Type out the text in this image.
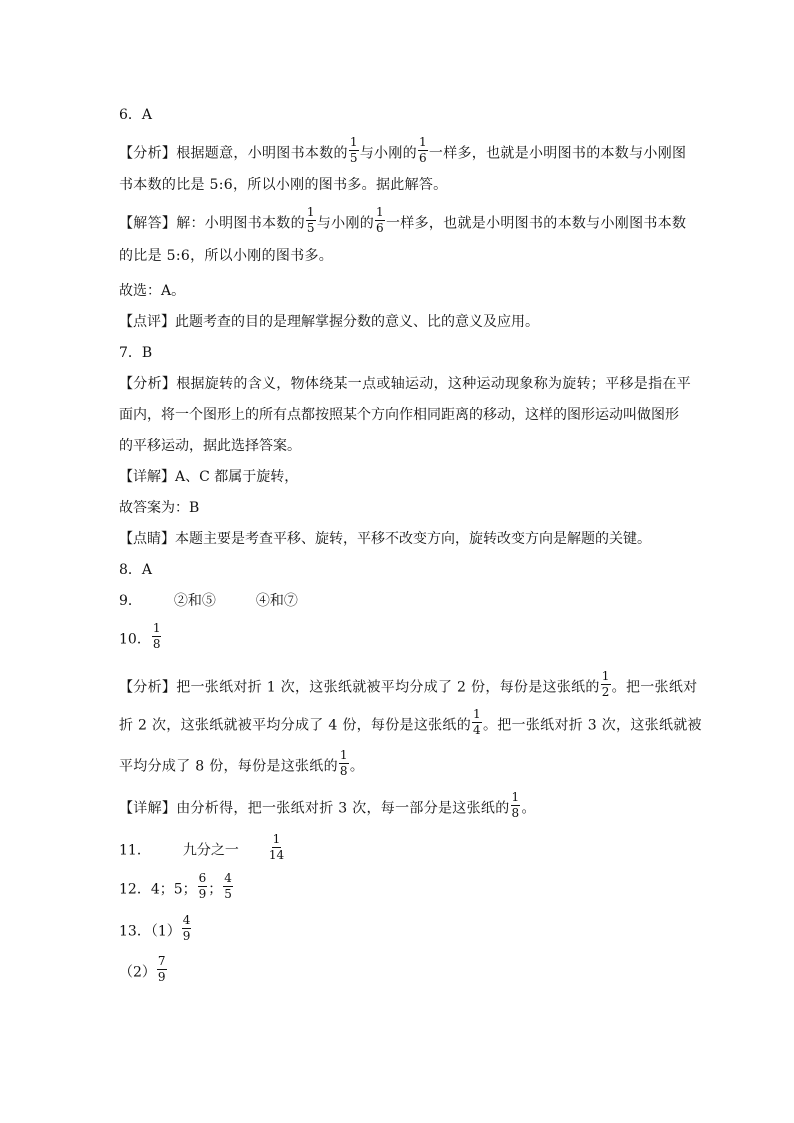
6．A
【分析】根据题意，小明图书本数的 $\frac{1}{5}$ 与小刚的 $\frac{1}{6}$ 一样多，也就是小明图书的本数与小刚图
书本数的比是 5:6，所以小刚的图书多。据此解答。
【解答】解：小明图书本数的 $\frac{1}{5}$ 与小刚的 $\frac{1}{6}$ 一样多，也就是小明图书的本数与小刚图书本数
的比是 5:6，所以小刚的图书多。
故选：A。
【点评】此题考查的目的是理解掌握分数的意义、比的意义及应用。
7．B
【分析】根据旋转的含义，物体绕某一点或轴运动，这种运动现象称为旋转；平移是指在平
面内，将一个图形上的所有点都按照某个方向作相同距离的移动，这样的图形运动叫做图形
的平移运动，据此选择答案。
【详解】A、C 都属于旋转，
故答案为：B
【点睛】本题主要是考查平移、旋转，平移不改变方向，旋转改变方向是解题的关键。
8．A
9． ②和⑤	④和⑦
10． $\frac{1}{8}$
【分析】把一张纸对折 1 次，这张纸就被平均分成了 2 份，每份是这张纸的 $\frac{1}{2}$ 。把一张纸对
折 2 次，这张纸就被平均分成了 4 份，每份是这张纸的 $\frac{1}{4}$ 。把一张纸对折 3 次，这张纸就被
平均分成了 8 份，每份是这张纸的 $\frac{1}{8}$ 。
【详解】由分析得，把一张纸对折 3 次，每一部分是这张纸的 $\frac{1}{8}$ 。
11． 九分之一 $\frac{1}{14}$
12．4；5； $\frac{6}{9}$ ； $\frac{4}{5}$
13．$(1) \frac{4}{9}$
$(2) \frac{7}{9}$
